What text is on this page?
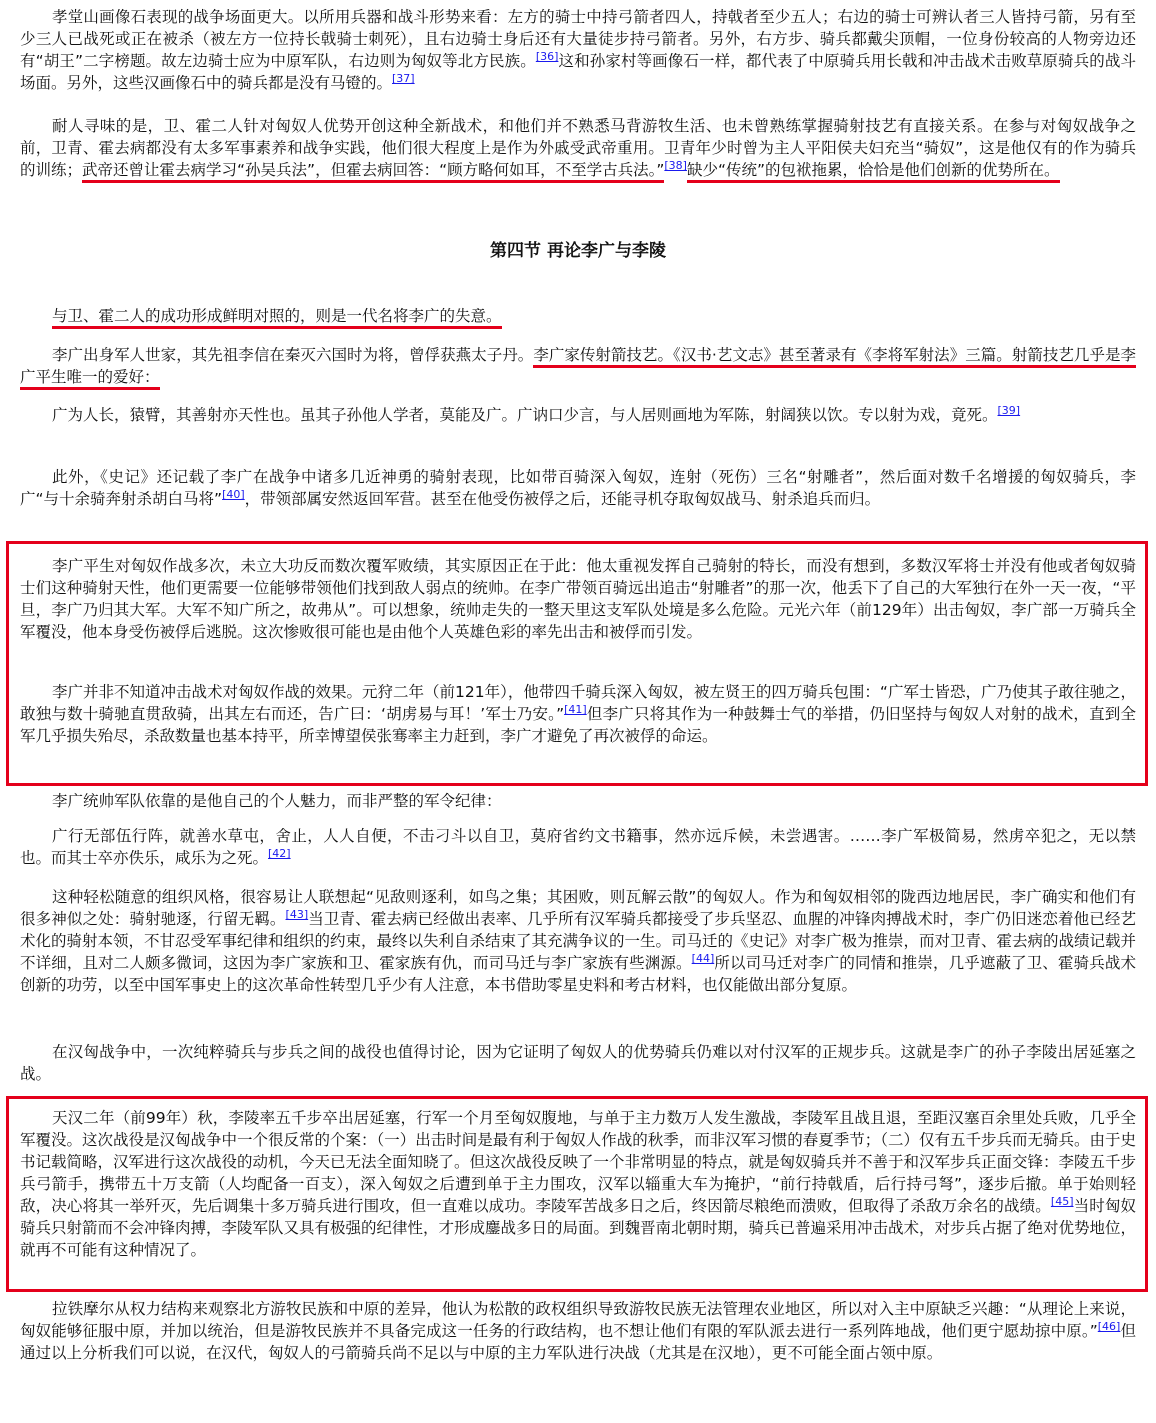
孝堂山画像石表现的战争场面更大。以所用兵器和战斗形势来看：左方的骑士中持弓箭者四人，持戟者至少五人；右边的骑士可辨认者三人皆持弓箭，另有至少三人已战死或正在被杀（被左方一位持长戟骑士刺死），且右边骑士身后还有大量徒步持弓箭者。另外，右方步、骑兵都戴尖顶帽，一位身份较高的人物旁边还有“胡王”二字榜题。故左边骑士应为中原军队，右边则为匈奴等北方民族。[36]这和孙家村等画像石一样，都代表了中原骑兵用长戟和冲击战术击败草原骑兵的战斗场面。另外，这些汉画像石中的骑兵都是没有马镫的。[37]

耐人寻味的是，卫、霍二人针对匈奴人优势开创这种全新战术，和他们并不熟悉马背游牧生活、也未曾熟练掌握骑射技艺有直接关系。在参与对匈奴战争之前，卫青、霍去病都没有太多军事素养和战争实践，他们很大程度上是作为外戚受武帝重用。卫青年少时曾为主人平阳侯夫妇充当“骑奴”，这是他仅有的作为骑兵的训练；武帝还曾让霍去病学习“孙吴兵法”，但霍去病回答：“顾方略何如耳，不至学古兵法。”[38]缺少“传统”的包袱拖累，恰恰是他们创新的优势所在。

第四节 再论李广与李陵

与卫、霍二人的成功形成鲜明对照的，则是一代名将李广的失意。

李广出身军人世家，其先祖李信在秦灭六国时为将，曾俘获燕太子丹。李广家传射箭技艺。《汉书·艺文志》甚至著录有《李将军射法》三篇。射箭技艺几乎是李广平生唯一的爱好：

广为人长，猿臂，其善射亦天性也。虽其子孙他人学者，莫能及广。广讷口少言，与人居则画地为军陈，射阔狭以饮。专以射为戏，竟死。[39]

此外，《史记》还记载了李广在战争中诸多几近神勇的骑射表现，比如带百骑深入匈奴，连射（死伤）三名“射雕者”，然后面对数千名增援的匈奴骑兵，李广“与十余骑奔射杀胡白马将”[40]，带领部属安然返回军营。甚至在他受伤被俘之后，还能寻机夺取匈奴战马、射杀追兵而归。

李广平生对匈奴作战多次，未立大功反而数次覆军败绩，其实原因正在于此：他太重视发挥自己骑射的特长，而没有想到，多数汉军将士并没有他或者匈奴骑士们这种骑射天性，他们更需要一位能够带领他们找到敌人弱点的统帅。在李广带领百骑远出追击“射雕者”的那一次，他丢下了自己的大军独行在外一天一夜，“平旦，李广乃归其大军。大军不知广所之，故弗从”。可以想象，统帅走失的一整天里这支军队处境是多么危险。元光六年（前129年）出击匈奴，李广部一万骑兵全军覆没，他本身受伤被俘后逃脱。这次惨败很可能也是由他个人英雄色彩的率先出击和被俘而引发。

李广并非不知道冲击战术对匈奴作战的效果。元狩二年（前121年），他带四千骑兵深入匈奴，被左贤王的四万骑兵包围：“广军士皆恐，广乃使其子敢往驰之，敢独与数十骑驰直贯敌骑，出其左右而还，告广曰：‘胡虏易与耳！’军士乃安。”[41]但李广只将其作为一种鼓舞士气的举措，仍旧坚持与匈奴人对射的战术，直到全军几乎损失殆尽，杀敌数量也基本持平，所幸博望侯张骞率主力赶到，李广才避免了再次被俘的命运。

李广统帅军队依靠的是他自己的个人魅力，而非严整的军令纪律：

广行无部伍行阵，就善水草屯，舍止，人人自便，不击刁斗以自卫，莫府省约文书籍事，然亦远斥候，未尝遇害。……李广军极简易，然虏卒犯之，无以禁也。而其士卒亦佚乐，咸乐为之死。[42]

这种轻松随意的组织风格，很容易让人联想起“见敌则逐利，如鸟之集；其困败，则瓦解云散”的匈奴人。作为和匈奴相邻的陇西边地居民，李广确实和他们有很多神似之处：骑射驰逐，行留无羁。[43]当卫青、霍去病已经做出表率、几乎所有汉军骑兵都接受了步兵坚忍、血腥的冲锋肉搏战术时，李广仍旧迷恋着他已经艺术化的骑射本领，不甘忍受军事纪律和组织的约束，最终以失利自杀结束了其充满争议的一生。司马迁的《史记》对李广极为推崇，而对卫青、霍去病的战绩记载并不详细，且对二人颇多微词，这因为李广家族和卫、霍家族有仇，而司马迁与李广家族有些渊源。[44]所以司马迁对李广的同情和推崇，几乎遮蔽了卫、霍骑兵战术创新的功劳，以至中国军事史上的这次革命性转型几乎少有人注意，本书借助零星史料和考古材料，也仅能做出部分复原。

在汉匈战争中，一次纯粹骑兵与步兵之间的战役也值得讨论，因为它证明了匈奴人的优势骑兵仍难以对付汉军的正规步兵。这就是李广的孙子李陵出居延塞之战。

天汉二年（前99年）秋，李陵率五千步卒出居延塞，行军一个月至匈奴腹地，与单于主力数万人发生激战，李陵军且战且退，至距汉塞百余里处兵败，几乎全军覆没。这次战役是汉匈战争中一个很反常的个案：（一）出击时间是最有利于匈奴人作战的秋季，而非汉军习惯的春夏季节；（二）仅有五千步兵而无骑兵。由于史书记载简略，汉军进行这次战役的动机，今天已无法全面知晓了。但这次战役反映了一个非常明显的特点，就是匈奴骑兵并不善于和汉军步兵正面交锋：李陵五千步兵弓箭手，携带五十万支箭（人均配备一百支），深入匈奴之后遭到单于主力围攻，汉军以辎重大车为掩护，“前行持戟盾，后行持弓弩”，逐步后撤。单于始则轻敌，决心将其一举歼灭，先后调集十多万骑兵进行围攻，但一直难以成功。李陵军苦战多日之后，终因箭尽粮绝而溃败，但取得了杀敌万余名的战绩。[45]当时匈奴骑兵只射箭而不会冲锋肉搏，李陵军队又具有极强的纪律性，才形成鏖战多日的局面。到魏晋南北朝时期，骑兵已普遍采用冲击战术，对步兵占据了绝对优势地位，就再不可能有这种情况了。

拉铁摩尔从权力结构来观察北方游牧民族和中原的差异，他认为松散的政权组织导致游牧民族无法管理农业地区，所以对入主中原缺乏兴趣：“从理论上来说，匈奴能够征服中原，并加以统治，但是游牧民族并不具备完成这一任务的行政结构，也不想让他们有限的军队派去进行一系列阵地战，他们更宁愿劫掠中原。”[46]但通过以上分析我们可以说，在汉代，匈奴人的弓箭骑兵尚不足以与中原的主力军队进行决战（尤其是在汉地），更不可能全面占领中原。
